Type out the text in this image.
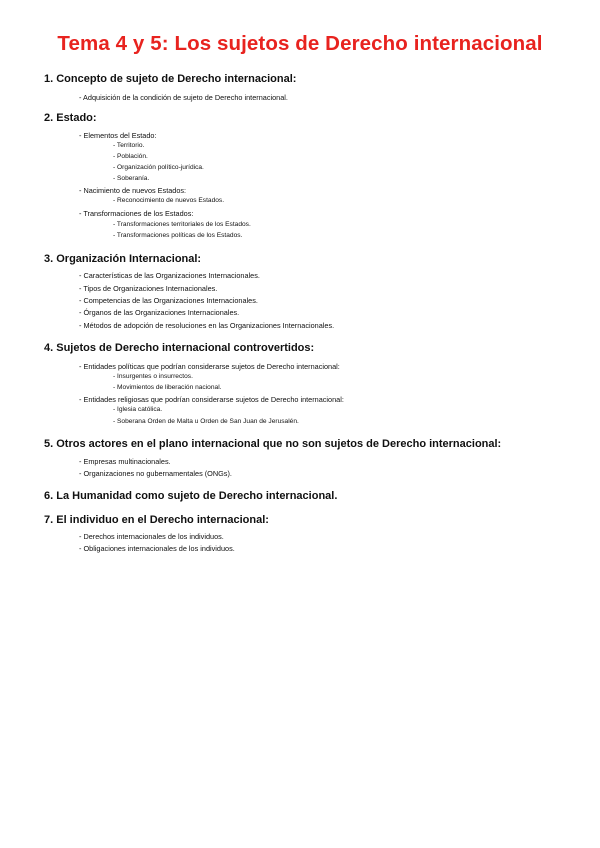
Tema 4 y 5: Los sujetos de Derecho internacional

1. Concepto de sujeto de Derecho internacional:

- Adquisición de la condición de sujeto de Derecho internacional.

2. Estado:

- Elementos del Estado:

- Territorio.

- Población.

- Organización político-jurídica.

- Soberanía.

- Nacimiento de nuevos Estados:

- Reconocimiento de nuevos Estados.

- Transformaciones de los Estados:

- Transformaciones territoriales de los Estados.

- Transformaciones políticas de los Estados.

3. Organización Internacional:

- Características de las Organizaciones Internacionales.

- Tipos de Organizaciones Internacionales.

- Competencias de las Organizaciones Internacionales.

- Órganos de las Organizaciones Internacionales.

- Métodos de adopción de resoluciones en las Organizaciones Internacionales.

4. Sujetos de Derecho internacional controvertidos:

- Entidades políticas que podrían considerarse sujetos de Derecho internacional:

- Insurgentes o insurrectos.

- Movimientos de liberación nacional.

- Entidades religiosas que podrían considerarse sujetos de Derecho internacional:

- Iglesia católica.

- Soberana Orden de Malta u Orden de San Juan de Jerusalén.

5. Otros actores en el plano internacional que no son sujetos de Derecho internacional:

- Empresas multinacionales.

- Organizaciones no gubernamentales (ONGs).

6. La Humanidad como sujeto de Derecho internacional.

7. El individuo en el Derecho internacional:

- Derechos internacionales de los individuos.

- Obligaciones internacionales de los individuos.
